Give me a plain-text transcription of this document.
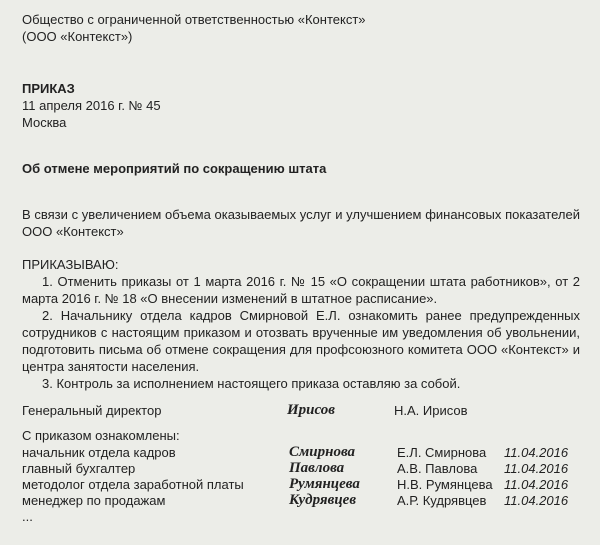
Общество с ограниченной ответственностью «Контекст»
(ООО «Контекст»)
ПРИКАЗ
11 апреля 2016 г. № 45
Москва
Об отмене мероприятий по сокращению штата
В связи с увеличением объема оказываемых услуг и улучшением финансовых показателей ООО «Контекст»
ПРИКАЗЫВАЮ:

1. Отменить приказы от 1 марта 2016 г. № 15 «О сокращении штата работников», от 2 марта 2016 г. № 18 «О внесении изменений в штатное расписание».

2. Начальнику отдела кадров Смирновой Е.Л. ознакомить ранее предупрежденных сотрудников с настоящим приказом и отозвать врученные им уведомления об увольнении, подготовить письма об отмене сокращения для профсоюзного комитета ООО «Контекст» и центра занятости населения.

3. Контроль за исполнением настоящего приказа оставляю за собой.

Генеральный директор	Ирисов	Н.А. Ирисов
С приказом ознакомлены:
начальник отдела кадров	Смирнова	Е.Л. Смирнова 11.04.2016
главный бухгалтер	Павлова	А.В. Павлова 11.04.2016
методолог отдела заработной платы	Румянцева	Н.В. Румянцева 11.04.2016
менеджер по продажам	Кудрявцев	А.Р. Кудрявцев 11.04.2016
...
